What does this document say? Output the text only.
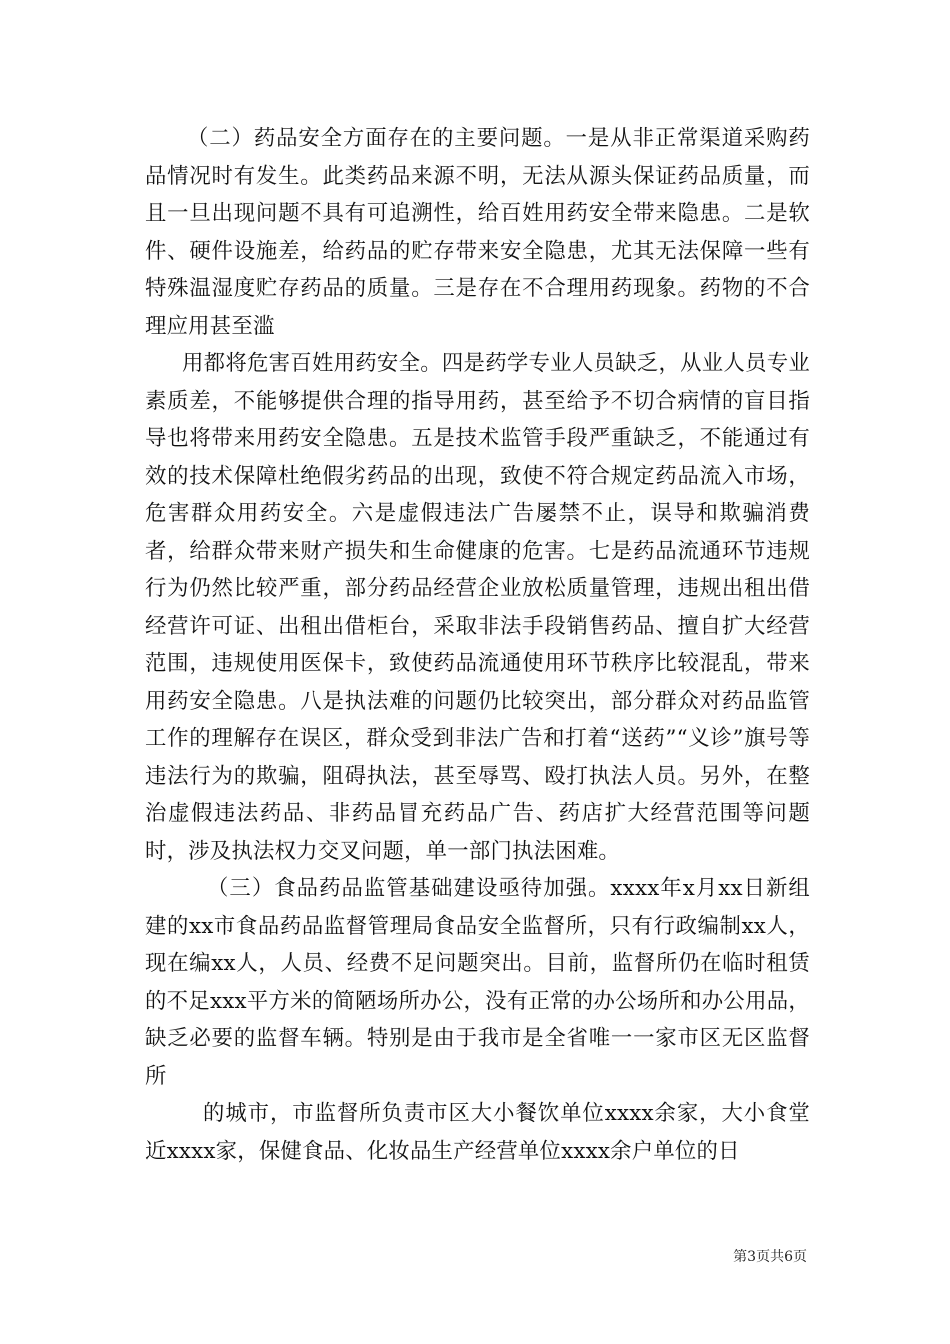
（二）药品安全方面存在的主要问题。一是从非正常渠道采购药品情况时有发生。此类药品来源不明，无法从源头保证药品质量，而且一旦出现问题不具有可追溯性，给百姓用药安全带来隐患。二是软件、硬件设施差，给药品的贮存带来安全隐患，尤其无法保障一些有特殊温湿度贮存药品的质量。三是存在不合理用药现象。药物的不合理应用甚至滥

用都将危害百姓用药安全。四是药学专业人员缺乏，从业人员专业素质差，不能够提供合理的指导用药，甚至给予不切合病情的盲目指导也将带来用药安全隐患。五是技术监管手段严重缺乏，不能通过有效的技术保障杜绝假劣药品的出现，致使不符合规定药品流入市场，危害群众用药安全。六是虚假违法广告屡禁不止，误导和欺骗消费者，给群众带来财产损失和生命健康的危害。七是药品流通环节违规行为仍然比较严重，部分药品经营企业放松质量管理，违规出租出借经营许可证、出租出借柜台，采取非法手段销售药品、擅自扩大经营范围，违规使用医保卡，致使药品流通使用环节秩序比较混乱，带来用药安全隐患。八是执法难的问题仍比较突出，部分群众对药品监管工作的理解存在误区，群众受到非法广告和打着“送药”“义诊”旗号等违法行为的欺骗，阻碍执法，甚至辱骂、殴打执法人员。另外，在整治虚假违法药品、非药品冒充药品广告、药店扩大经营范围等问题时，涉及执法权力交叉问题，单一部门执法困难。

（三）食品药品监管基础建设亟待加强。xxxx年x月xx日新组建的xx市食品药品监督管理局食品安全监督所，只有行政编制xx人，现在编xx人，人员、经费不足问题突出。目前，监督所仍在临时租赁的不足xxx平方米的简陋场所办公，没有正常的办公场所和办公用品，缺乏必要的监督车辆。特别是由于我市是全省唯一一家市区无区监督所

的城市，市监督所负责市区大小餐饮单位xxxx余家，大小食堂近xxxx家，保健食品、化妆品生产经营单位xxxx余户单位的日

第3页共6页
